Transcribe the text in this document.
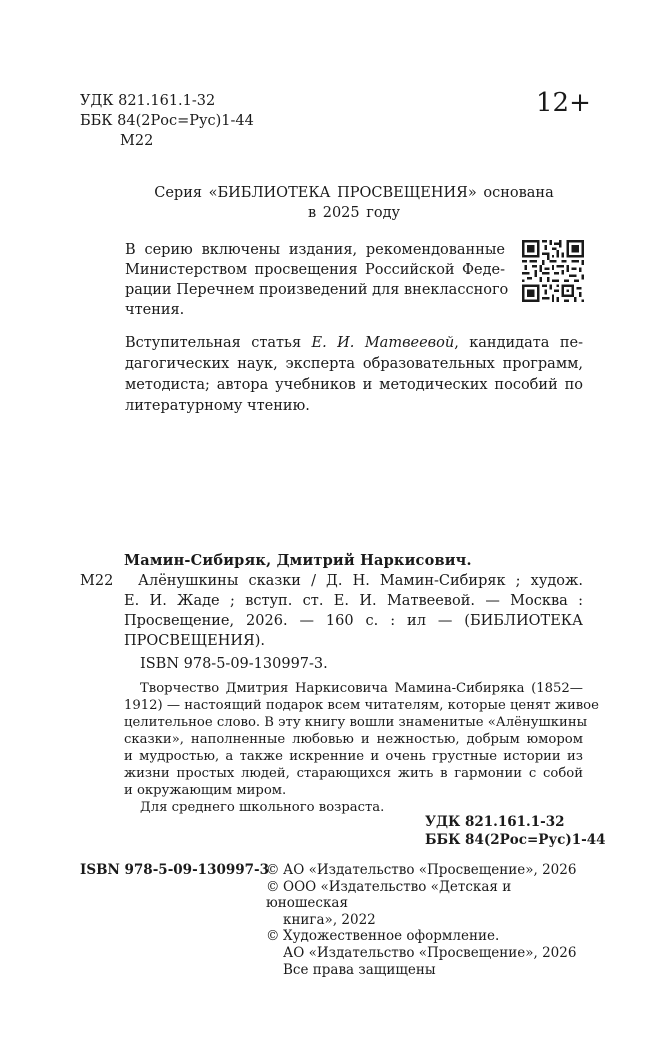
УДК 821.161.1-32
ББК 84(2Рос=Рус)1-44
М22
12+
Серия «БИБЛИОТЕКА ПРОСВЕЩЕНИЯ» основана
в 2025 году
В серию включены издания, рекомендованные
Министерством просвещения Российской Феде-
рации Перечнем произведений для внеклассного
чтения.
Вступительная статья Е. И. Матвеевой, кандидата пе-
дагогических наук, эксперта образовательных программ,
методиста; автора учебников и методических пособий по
литературному чтению.
Мамин-Сибиряк, Дмитрий Наркисович.
М22	Алёнушкины сказки / Д. Н. Мамин-Сибиряк ; худож.
Е. И. Жаде ; вступ. ст. Е. И. Матвеевой. — Москва :
Просвещение, 2026. — 160 с. : ил — (БИБЛИОТЕКА
ПРОСВЕЩЕНИЯ).
ISBN 978-5-09-130997-3.
Творчество Дмитрия Наркисовича Мамина-Сибиряка (1852—
1912) — настоящий подарок всем читателям, которые ценят живое
целительное слово. В эту книгу вошли знаменитые «Алёнушкины
сказки», наполненные любовью и нежностью, добрым юмором
и мудростью, а также искренние и очень грустные истории из
жизни простых людей, старающихся жить в гармонии с собой
и окружающим миром.
Для среднего школьного возраста.
УДК 821.161.1-32
ББК 84(2Рос=Рус)1-44
ISBN 978-5-09-130997-3
© АО «Издательство «Просвещение», 2026
© ООО «Издательство «Детская и юношеская
книга», 2022
© Художественное оформление.
АО «Издательство «Просвещение», 2026
Все права защищены
